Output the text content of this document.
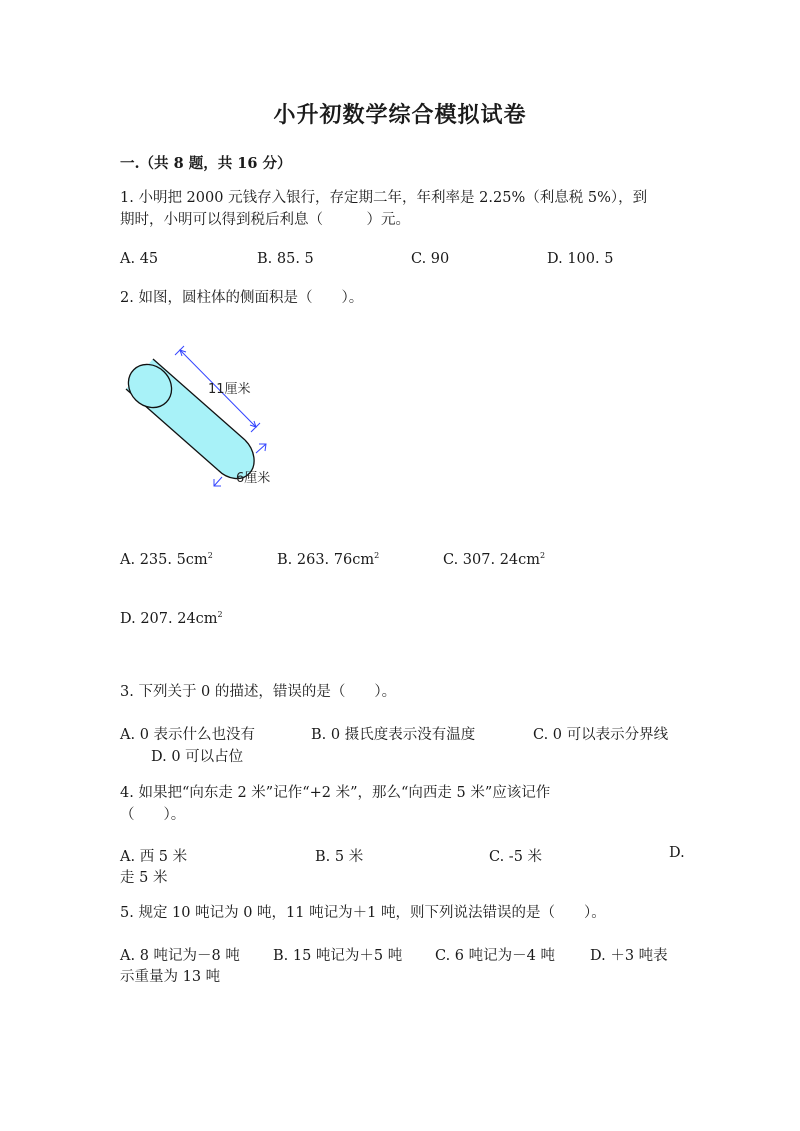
小升初数学综合模拟试卷
一.（共 8 题，共 16 分）
1. 小明把 2000 元钱存入银行，存定期二年，年利率是 2.25%（利息税 5%），到
期时，小明可以得到税后利息（　　　）元。
A. 45	B. 85. 5	C. 90	D. 100. 5
2. 如图，圆柱体的侧面积是（　　）。
11厘米
6厘米
A. 235. $5cm^2$	B. 263. $76cm^2$	C. 307. $24cm^2$
D. 207. $24cm^2$
3. 下列关于 0 的描述，错误的是（　　）。
A. 0 表示什么也没有	B. 0 摄氏度表示没有温度	C. 0 可以表示分界线
D. 0 可以占位
4. 如果把“向东走 2 米”记作“+2 米”，那么“向西走 5 米”应该记作
（　　）。
A. 西 5 米	B. 5 米	C. -5 米	D.
走 5 米
5. 规定 10 吨记为 0 吨，11 吨记为＋1 吨，则下列说法错误的是（　　）。
A. 8 吨记为－8 吨 B. 15 吨记为＋5 吨 C. 6 吨记为－4 吨 D. ＋3 吨表
示重量为 13 吨
